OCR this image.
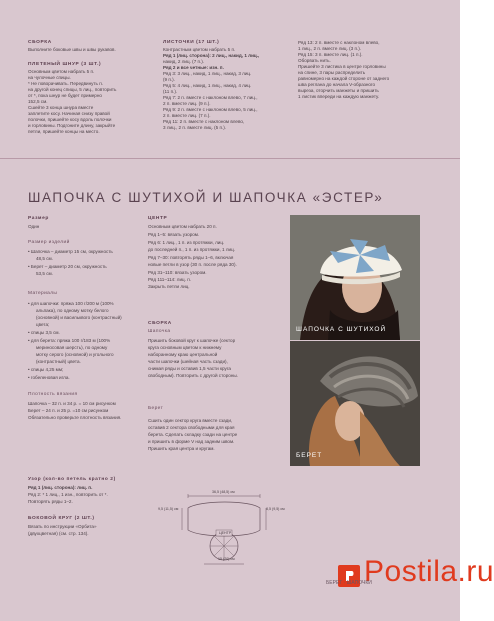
СБОРКА
Выполните боковые швы и швы рукавов.
ПЛЕТЕНЫЙ ШНУР (3 ШТ.)
Основным цветом набрать 5 п.
на чулочные спицы.
* Не поворачивать. Передвинуть п.
на другой конец спицы, 5 лиц., повторить
от *, пока шнур не будет примерно
152,5 см.
Сшейте 3 конца шнура вместе
заплетите косу. Начиная снизу правой
полочки, пришейте косу вдоль полочки
и горловины. Подгоните длину, закрыйте
петли, пришейте концы на место.
ЛИСТОЧКИ (17 ШТ.)
Контрастным цветом набрать 5 п.
Ряд 1 (лиц. сторона): 2 лиц., накид, 1 лиц.,
накид, 2 лиц. (7 п.).
Ряд 2 и все четные: изн. п.
Ряд 3: 3 лиц., накид, 1 лиц., накид, 3 лиц.
(9 п.).
Ряд 5: 4 лиц., накид, 1 лиц., накид, 4 лиц.
(11 п.).
Ряд 7: 2 п. вместе с наклоном влево, 7 лиц.,
2 п. вместе лиц. (9 п.).
Ряд 9: 2 п. вместе с наклоном влево, 5 лиц.,
2 п. вместе лиц. (7 п.).
Ряд 11: 2 п. вместе с наклоном влево,
3 лиц., 2 п. вместе лиц. (5 п.).
Ряд 13: 2 п. вместе с наклоном влево,
1 лиц., 2 п. вместе лиц. (3 п.).
Ряд 15: 3 п. вместе лиц. (1 п.).
Оборвать нить.
Пришейте 3 листика в центре горловины
на спине, 3 пары распределить
равномерно на каждой стороне от заднего
шва реглана до начала V-образного
выреза, оторчить манжеты и пришить
1 листик впереди на каждую манжету.
ШАПОЧКА С ШУТИХОЙ И ШАПОЧКА «ЭСТЕР»
Размер
Один
Размер изделий
• Шапочка – диаметр 15 см, окружность
48,5 см.
• Берет – диаметр 20 см, окружность
53,5 см.
Материалы
• для шапочки: пряжа 100 г/200 м (100%
альпака), по одному мотку белого
(основной) и васильквого (контрастный)
цвета;
• спицы 3,5 см.
• для берета: пряжа 100 г/183 м (100%
мериносовая шерсть), по одному
мотку серого (основной) и угольного
(контрастный) цвета.
• спицы 4,25 мм;
• гобеленовая игла.
Плотность вязания
Шапочка – 32 п. и 34 р. = 10 см рисунком
Берет – 24 п. и 25 р. =10 см рисунком
Обязательно проверьте плотность вязания.
Узор (кол-во петель кратно 2)
Ряд 1 (лиц. сторона): лиц. п.
Ряд 2: * 1 лиц., 1 изн., повторить от *.
Повторять ряды 1–2.
БОКОВОЙ КРУГ (2 ШТ.)
Вязать по инструкции «Орбита»
(двухцветная) (см. стр. 134).
ЦЕНТР
Основным цветом набрать 20 п.
Ряд 1–5: вязать узором.
Ряд 6: 1 лиц., 1 п. из протяжки, лиц.
до последней п., 1 п. из протяжки, 1 лиц.
Ряд 7–30: повторять ряды 1–6, включая
новые петли в узор (30 п. после ряда 30).
Ряд 31–110: вязать узором.
Ряд 111–114: лиц. п.
Закрыть петли лиц.
СБОРКА
Шапочка
Пришить боковой круг к шапочке (сектор
круга основным цветом к нижнему
наборанному краю центральной
части шапочки (шейная часть сзади),
снимая ряды и оставив 1,5 части круга
свободным). Повторить с другой стороны.
Берет
Сшить один сектор круга вместе сзади,
оставив 2 сектора свободными для края
берета. Сделать складку сзади на центре
и пришить в форме V над задним швом.
Пришить края центра и кругам.
ШАПОЧКА С ШУТИХОЙ
БЕРЕТ
36,5 (48,5) см
9,5 (11,5) см	8,5 (9,5) см
ЦЕНТР
15 (20) см	Postila.ru
БЕРЕТ · ШАПОЧКИ
